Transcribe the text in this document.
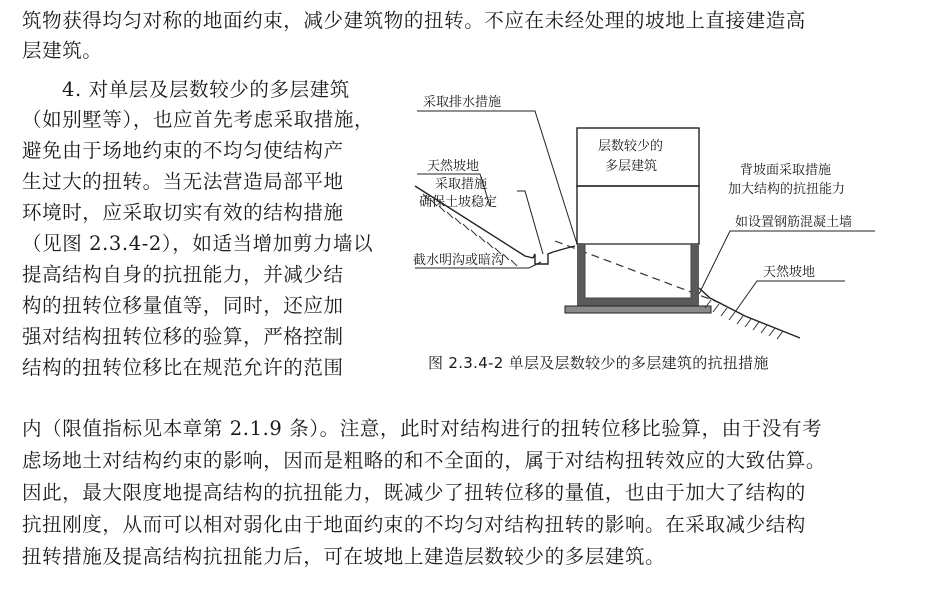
筑物获得均匀对称的地面约束，减少建筑物的扭转。不应在未经处理的坡地上直接建造高
层建筑。
4. 对单层及层数较少的多层建筑
（如别墅等），也应首先考虑采取措施，
避免由于场地约束的不均匀使结构产
生过大的扭转。当无法营造局部平地
环境时，应采取切实有效的结构措施
（见图 2.3.4-2），如适当增加剪力墙以
提高结构自身的抗扭能力，并减少结
构的扭转位移量值等，同时，还应加
强对结构扭转位移的验算，严格控制
结构的扭转位移比在规范允许的范围
采取排水措施
天然坡地
采取措施
确保土坡稳定
层数较少的
多层建筑	背坡面采取措施
加大结构的抗扭能力
如设置钢筋混凝土墙
截水明沟或暗沟
天然坡地
图 2.3.4-2 单层及层数较少的多层建筑的抗扭措施
内（限值指标见本章第 2.1.9 条）。注意，此时对结构进行的扭转位移比验算，由于没有考
虑场地土对结构约束的影响，因而是粗略的和不全面的，属于对结构扭转效应的大致估算。
因此，最大限度地提高结构的抗扭能力，既减少了扭转位移的量值，也由于加大了结构的
抗扭刚度，从而可以相对弱化由于地面约束的不均匀对结构扭转的影响。在采取减少结构
扭转措施及提高结构抗扭能力后，可在坡地上建造层数较少的多层建筑。
